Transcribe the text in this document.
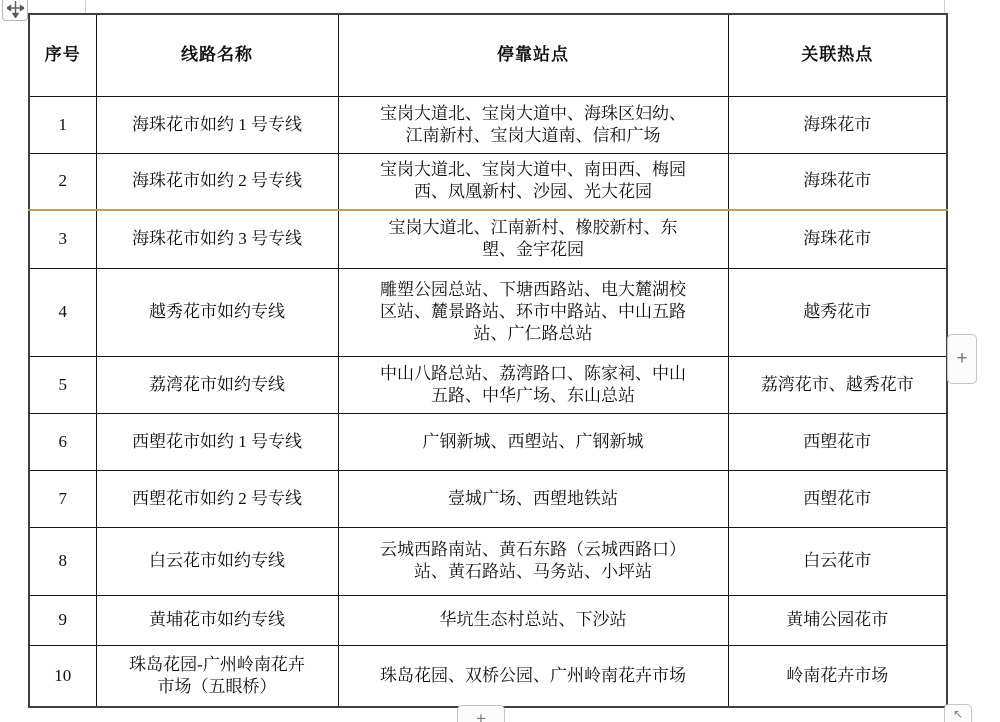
序号	线路名称	停靠站点	关联热点
1	海珠花市如约 1 号专线	宝岗大道北、宝岗大道中、海珠区妇幼、江南新村、宝岗大道南、信和广场	海珠花市
2	海珠花市如约 2 号专线	宝岗大道北、宝岗大道中、南田西、梅园西、凤凰新村、沙园、光大花园	海珠花市
3	海珠花市如约 3 号专线	宝岗大道北、江南新村、橡胶新村、东塱、金宇花园	海珠花市
4	越秀花市如约专线	雕塑公园总站、下塘西路站、电大麓湖校区站、麓景路站、环市中路站、中山五路站、广仁路总站	越秀花市
5	荔湾花市如约专线	中山八路总站、荔湾路口、陈家祠、中山五路、中华广场、东山总站	荔湾花市、越秀花市
6	西塱花市如约 1 号专线	广钢新城、西塱站、广钢新城	西塱花市
7	西塱花市如约 2 号专线	壹城广场、西塱地铁站	西塱花市
8	白云花市如约专线	云城西路南站、黄石东路（云城西路口）站、黄石路站、马务站、小坪站	白云花市
9	黄埔花市如约专线	华坑生态村总站、下沙站	黄埔公园花市
10	珠岛花园-广州岭南花卉市场（五眼桥）	珠岛花园、双桥公园、广州岭南花卉市场	岭南花卉市场
+
+	↖
